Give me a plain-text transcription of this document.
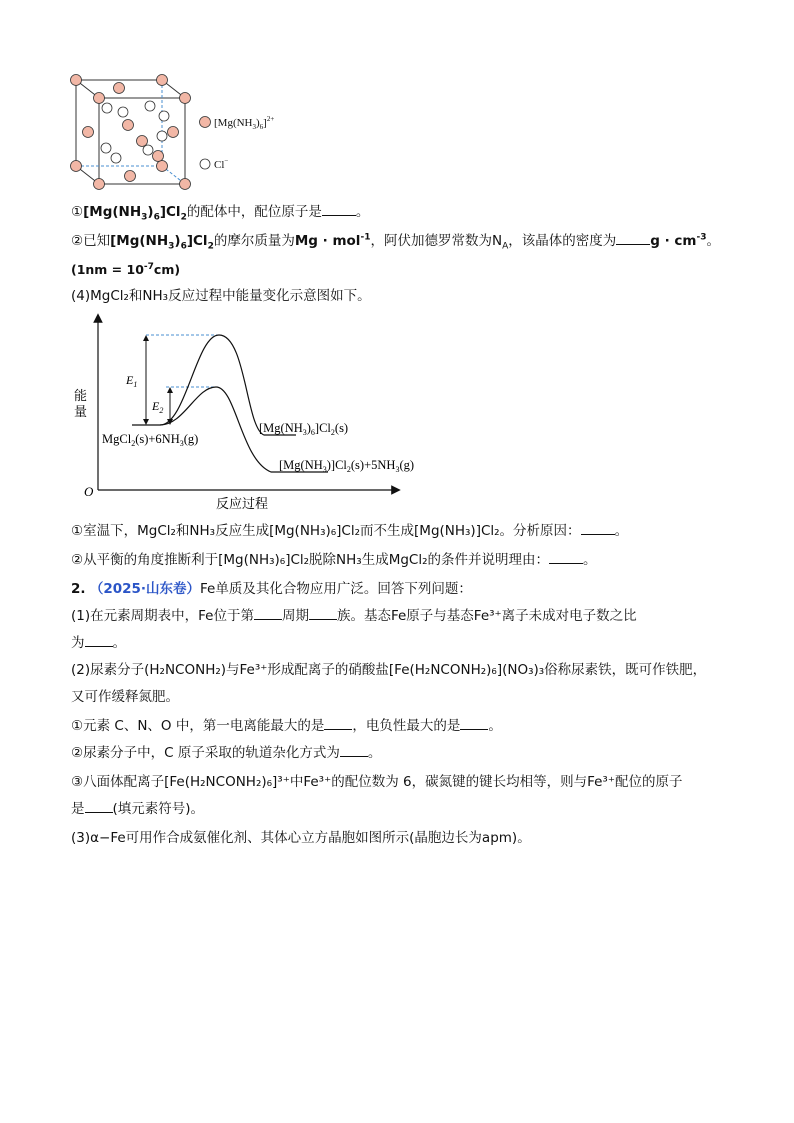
$[Mg(NH_3)_6]^{2+}$
Cl−
$①[Mg(NH_3)_6]Cl_2$的配体中，配位原子是	。
②已知$[Mg(NH_3)_6]Cl_2$的摩尔质量为Mg · mol$^{-1}$，阿伏加德罗常数为$N_A$，该晶体的密度为	$g \cdot cm^{-3}$。
$(1nm = 10^{-7}cm)$
(4)MgCl₂和NH₃反应过程中能量变化示意图如下。
能
量
O
反应过程
$E_1$
$E_2$
$MgCl_2(s)+6NH_3(g)$
$[Mg(NH_3)_6]Cl_2(s)$
$[Mg(NH_3)]Cl_2(s)+5NH_3(g)$
①室温下，MgCl₂和NH₃反应生成[Mg(NH₃)₆]Cl₂而不生成[Mg(NH₃)]Cl₂。分析原因：	。
②从平衡的角度推断利于[Mg(NH₃)₆]Cl₂脱除NH₃生成MgCl₂的条件并说明理由：	。
2. （2025·山东卷）Fe单质及其化合物应用广泛。回答下列问题：
(1)在元素周期表中，Fe位于第 周期 族。基态Fe原子与基态Fe³⁺离子未成对电子数之比
为 。
(2)尿素分子(H₂NCONH₂)与Fe³⁺形成配离子的硝酸盐[Fe(H₂NCONH₂)₆](NO₃)₃俗称尿素铁，既可作铁肥，
又可作缓释氮肥。
①元素 C、N、O 中，第一电离能最大的是 ，电负性最大的是 。
②尿素分子中，C 原子采取的轨道杂化方式为 。
③八面体配离子[Fe(H₂NCONH₂)₆]³⁺中Fe³⁺的配位数为 6，碳氮键的键长均相等，则与Fe³⁺配位的原子
是 (填元素符号)。
(3)α−Fe可用作合成氨催化剂、其体心立方晶胞如图所示(晶胞边长为apm)。
